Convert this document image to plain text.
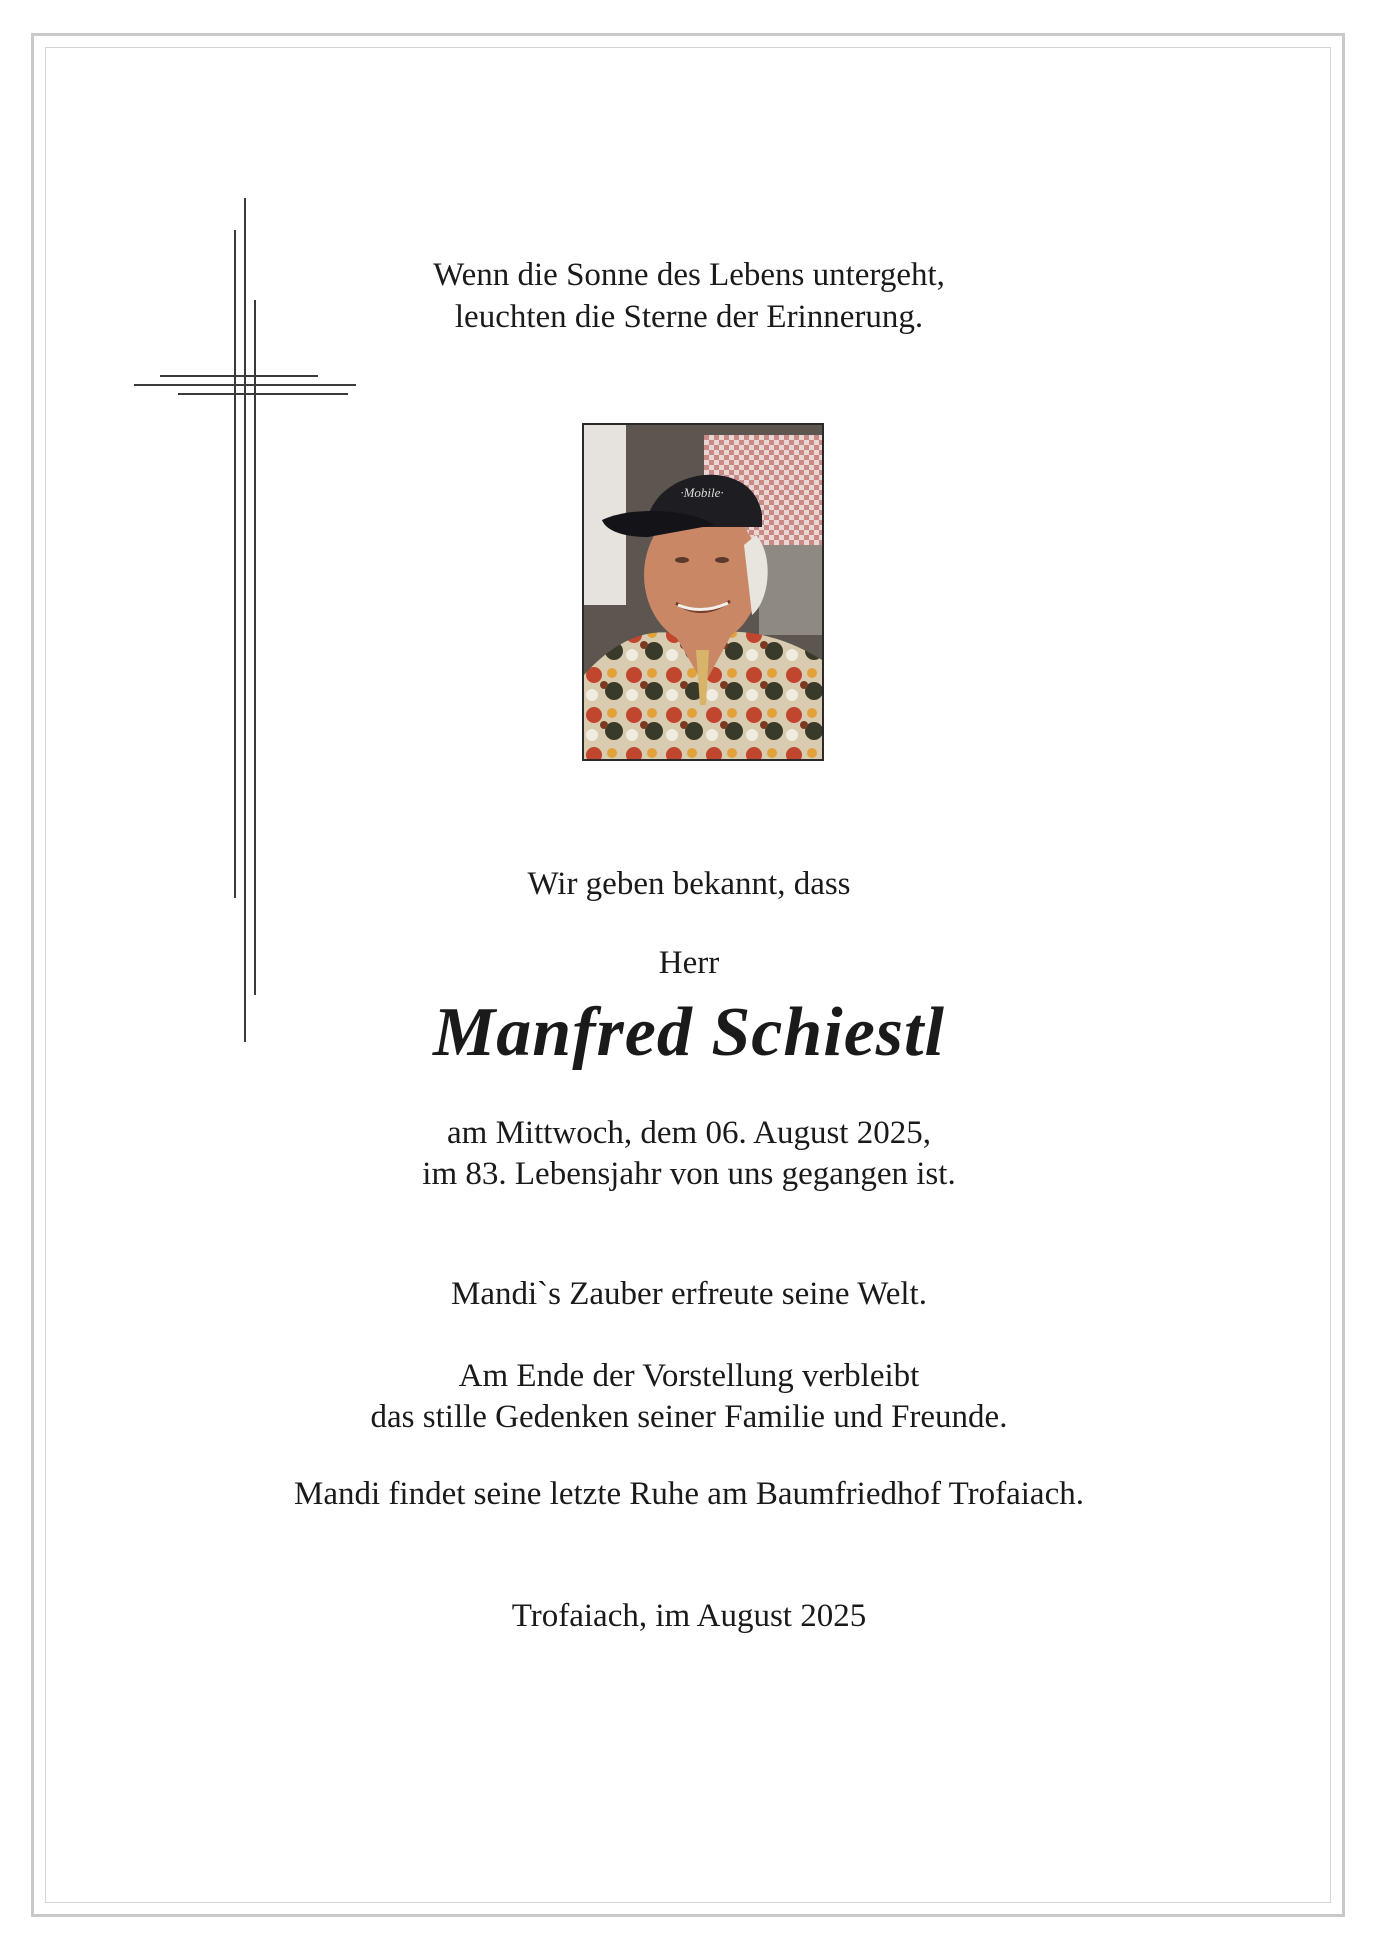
Wenn die Sonne des Lebens untergeht,
leuchten die Sterne der Erinnerung.
·Mobile·
Wir geben bekannt, dass
Herr
Manfred Schiestl
am Mittwoch, dem 06. August 2025,
im 83. Lebensjahr von uns gegangen ist.
Mandi`s Zauber erfreute seine Welt.
Am Ende der Vorstellung verbleibt
das stille Gedenken seiner Familie und Freunde.
Mandi findet seine letzte Ruhe am Baumfriedhof Trofaiach.
Trofaiach, im August 2025
